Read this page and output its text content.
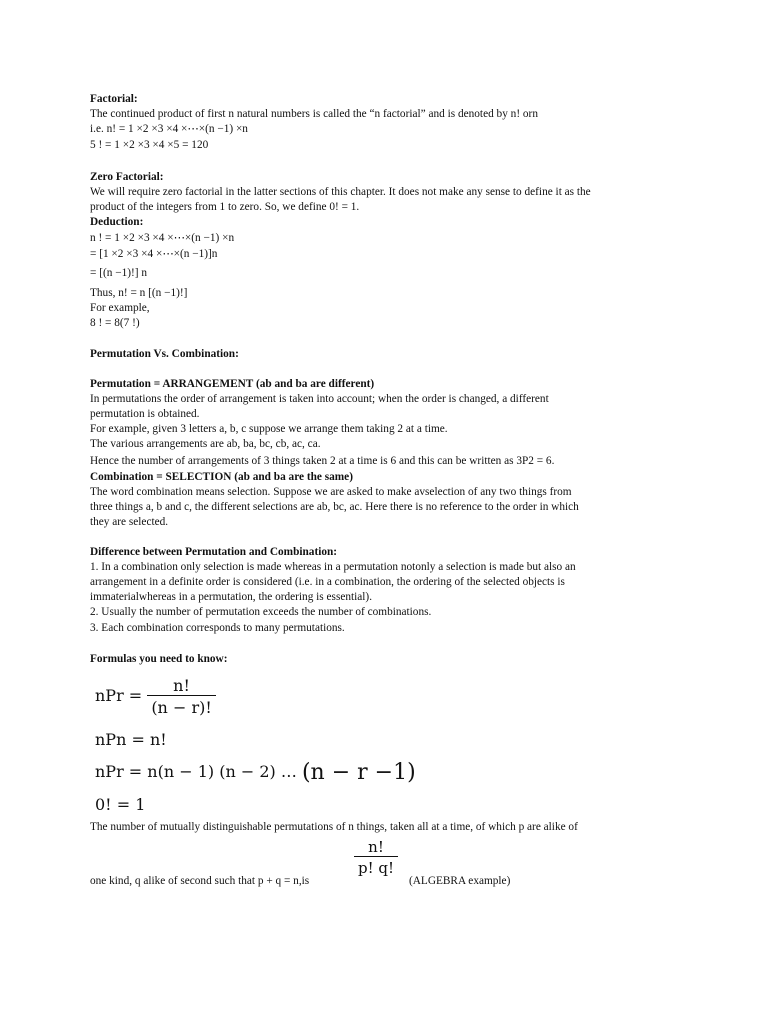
Factorial:
The continued product of first n natural numbers is called the “n factorial” and is denoted by n! orn
i.e. n! = 1 ×2 ×3 ×4 ×⋯×(n −1) ×n
5 ! = 1 ×2 ×3 ×4 ×5 = 120
Zero Factorial:
We will require zero factorial in the latter sections of this chapter. It does not make any sense to define it as the
product of the integers from 1 to zero. So, we define 0! = 1.
Deduction:
n ! = 1 ×2 ×3 ×4 ×⋯×(n −1) ×n
= [1 ×2 ×3 ×4 ×⋯×(n −1)]n
= [(n −1)!] n
Thus, n! = n [(n −1)!]
For example,
8 ! = 8(7 !)
Permutation Vs. Combination:
Permutation = ARRANGEMENT (ab and ba are different)
In permutations the order of arrangement is taken into account; when the order is changed, a different
permutation is obtained.
For example, given 3 letters a, b, c suppose we arrange them taking 2 at a time.
The various arrangements are ab, ba, bc, cb, ac, ca.
Hence the number of arrangements of 3 things taken 2 at a time is 6 and this can be written as 3P2 = 6.
Combination = SELECTION (ab and ba are the same)
The word combination means selection. Suppose we are asked to make avselection of any two things from
three things a, b and c, the different selections are ab, bc, ac. Here there is no reference to the order in which
they are selected.
Difference between Permutation and Combination:
1. In a combination only selection is made whereas in a permutation notonly a selection is made but also an
arrangement in a definite order is considered (i.e. in a combination, the ordering of the selected objects is
immaterialwhereas in a permutation, the ordering is essential).
2. Usually the number of permutation exceeds the number of combinations.
3. Each combination corresponds to many permutations.
Formulas you need to know:
nPr = $\frac{n!}{(n - r)!}$
nPn = n!
nPr = n(n − 1) (n − 2) … (n − r −1)
0! = 1
The number of mutually distinguishable permutations of n things, taken all at a time, of which p are alike of
$\frac{n!}{p! q!}$
one kind, q alike of second such that p + q = n,is	(ALGEBRA example)
